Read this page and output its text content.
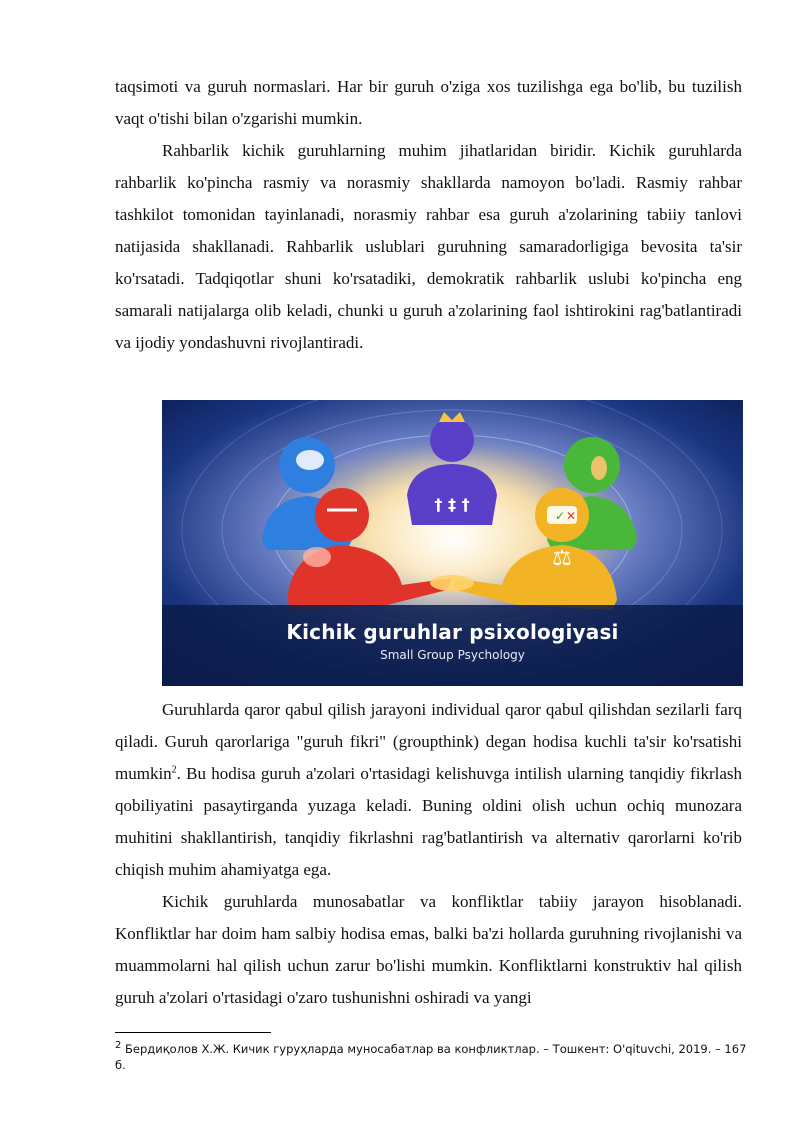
taqsimoti va guruh normaslari. Har bir guruh o'ziga xos tuzilishga ega bo'lib, bu tuzilish vaqt o'tishi bilan o'zgarishi mumkin.

Rahbarlik kichik guruhlarning muhim jihatlaridan biridir. Kichik guruhlarda rahbarlik ko'pincha rasmiy va norasmiy shakllarda namoyon bo'ladi. Rasmiy rahbar tashkilot tomonidan tayinlanadi, norasmiy rahbar esa guruh a'zolarining tabiiy tanlovi natijasida shakllanadi. Rahbarlik uslublari guruhning samaradorligiga bevosita ta'sir ko'rsatadi. Tadqiqotlar shuni ko'rsatadiki, demokratik rahbarlik uslubi ko'pincha eng samarali natijalarga olib keladi, chunki u guruh a'zolarining faol ishtirokini rag'batlantiradi va ijodiy yondashuvni rivojlantiradi.

† ‡ †
✓ ✕
⚖
Kichik guruhlar psixologiyasi
Small Group Psychology

Guruhlarda qaror qabul qilish jarayoni individual qaror qabul qilishdan sezilarli farq qiladi. Guruh qarorlariga "guruh fikri" (groupthink) degan hodisa kuchli ta'sir ko'rsatishi mumkin$^2$. Bu hodisa guruh a'zolari o'rtasidagi kelishuvga intilish ularning tanqidiy fikrlash qobiliyatini pasaytirganda yuzaga keladi. Buning oldini olish uchun ochiq munozara muhitini shakllantirish, tanqidiy fikrlashni rag'batlantirish va alternativ qarorlarni ko'rib chiqish muhim ahamiyatga ega.

Kichik guruhlarda munosabatlar va konfliktlar tabiiy jarayon hisoblanadi. Konfliktlar har doim ham salbiy hodisa emas, balki ba'zi hollarda guruhning rivojlanishi va muammolarni hal qilish uchun zarur bo'lishi mumkin. Konfliktlarni konstruktiv hal qilish guruh a'zolari o'rtasidagi o'zaro tushunishni oshiradi va yangi

$^2$ Бердиқолов Х.Ж. Кичик гуруҳларда муносабатлар ва конфликтлар. – Тошкент: O'qituvchi, 2019. – 167 б.
